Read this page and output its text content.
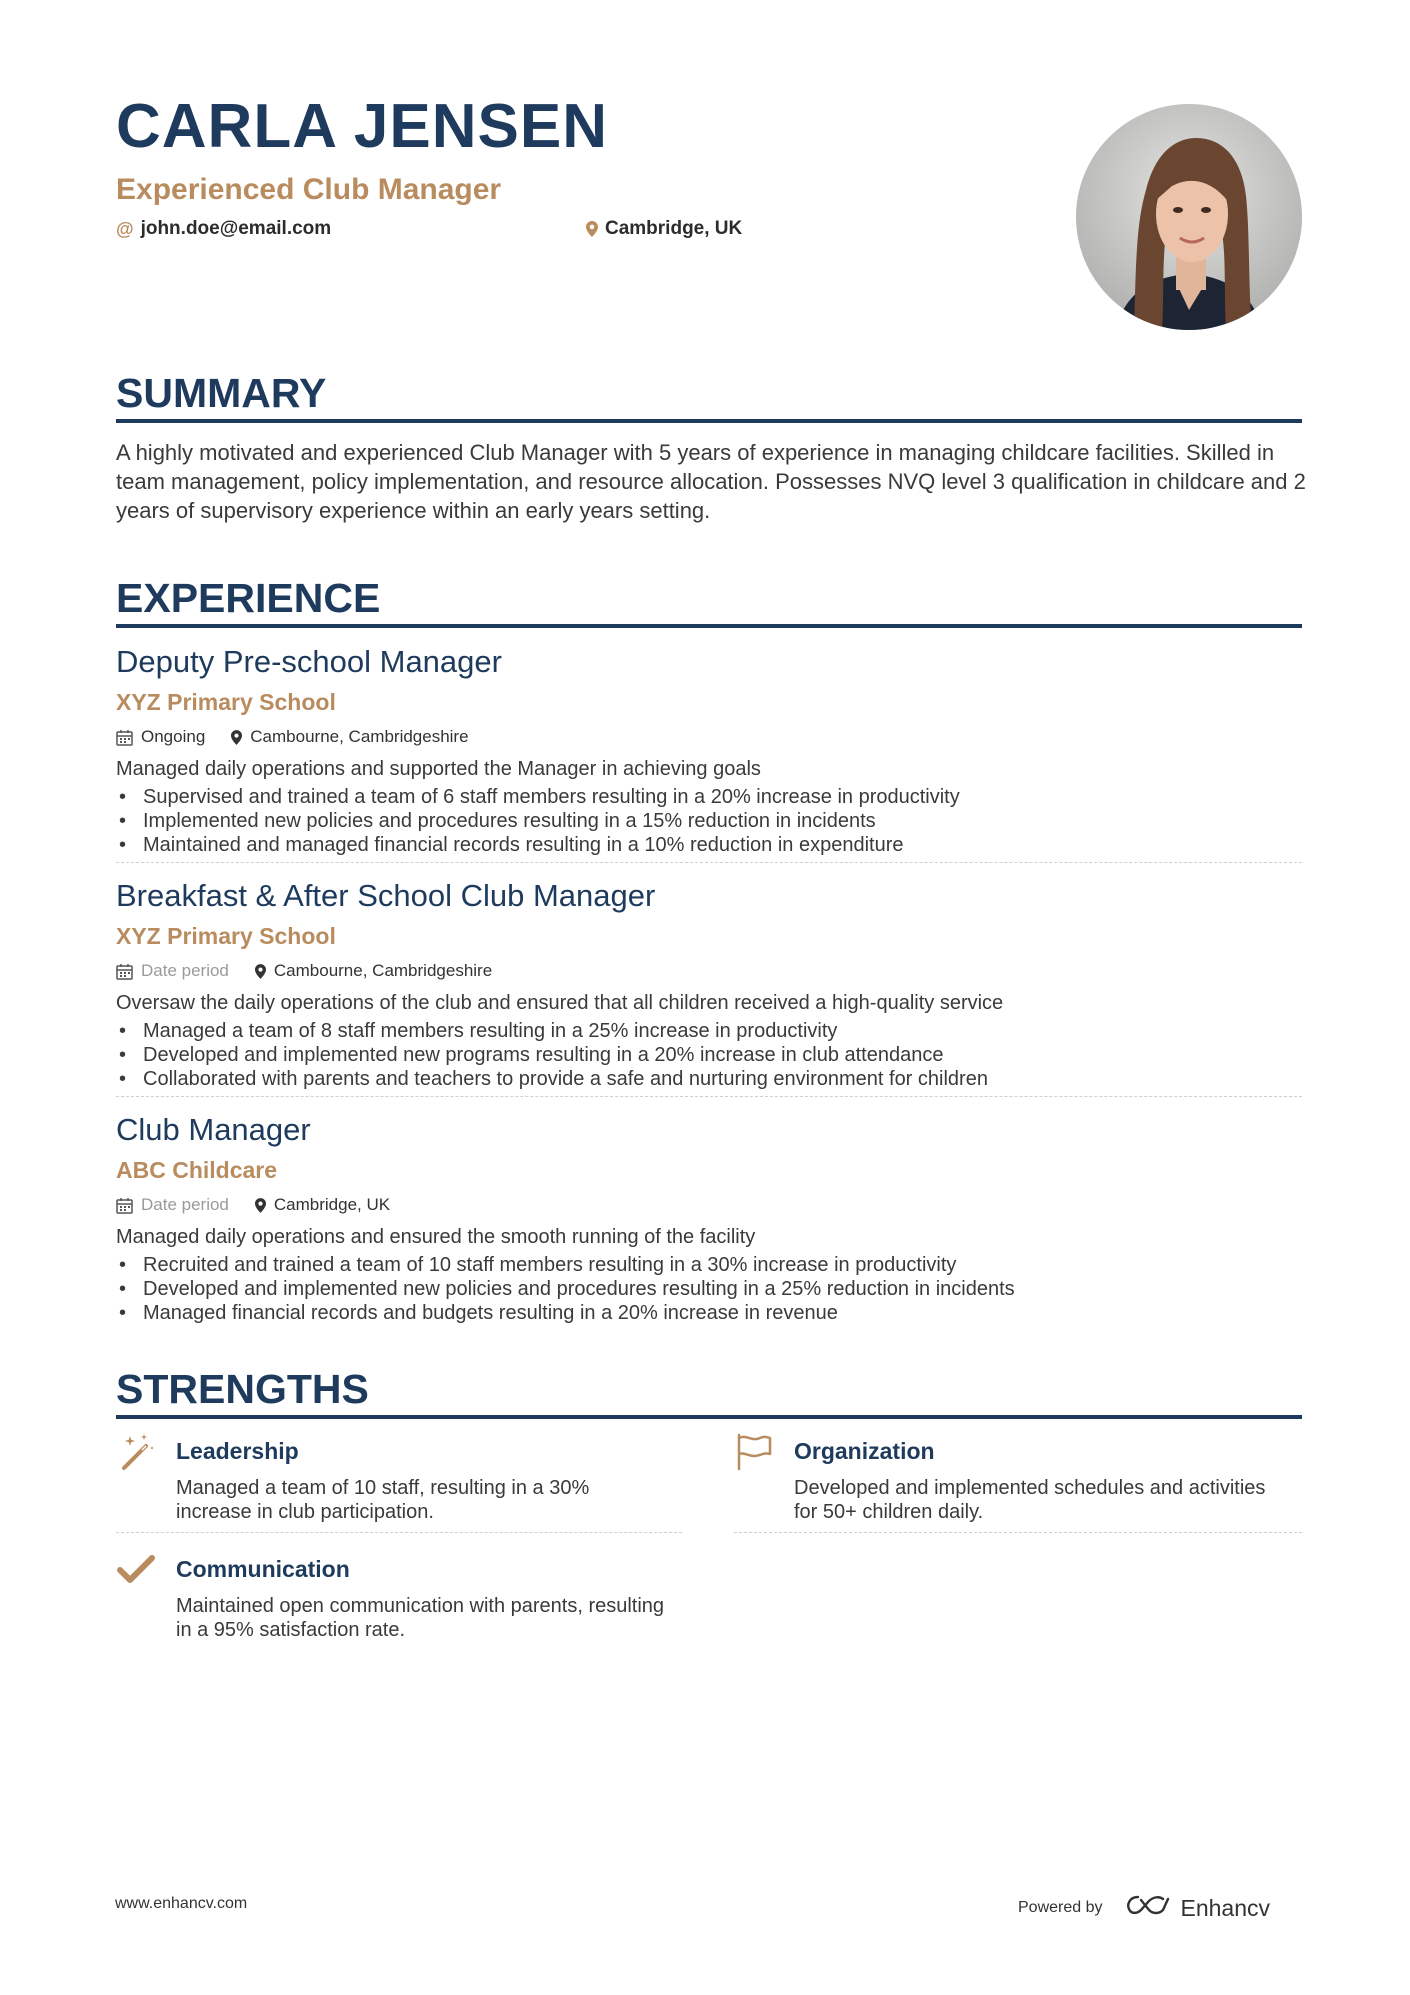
CARLA JENSEN
Experienced Club Manager
@ john.doe@email.com	Cambridge, UK
SUMMARY
A highly motivated and experienced Club Manager with 5 years of experience in managing childcare facilities. Skilled in team management, policy implementation, and resource allocation. Possesses NVQ level 3 qualification in childcare and 2 years of supervisory experience within an early years setting.
EXPERIENCE
Deputy Pre-school Manager
XYZ Primary School
Ongoing	Cambourne, Cambridgeshire
Managed daily operations and supported the Manager in achieving goals
• Supervised and trained a team of 6 staff members resulting in a 20% increase in productivity
• Implemented new policies and procedures resulting in a 15% reduction in incidents
• Maintained and managed financial records resulting in a 10% reduction in expenditure
Breakfast & After School Club Manager
XYZ Primary School
Date period	Cambourne, Cambridgeshire
Oversaw the daily operations of the club and ensured that all children received a high-quality service
• Managed a team of 8 staff members resulting in a 25% increase in productivity
• Developed and implemented new programs resulting in a 20% increase in club attendance
• Collaborated with parents and teachers to provide a safe and nurturing environment for children
Club Manager
ABC Childcare
Date period	Cambridge, UK
Managed daily operations and ensured the smooth running of the facility
• Recruited and trained a team of 10 staff members resulting in a 30% increase in productivity
• Developed and implemented new policies and procedures resulting in a 25% reduction in incidents
• Managed financial records and budgets resulting in a 20% increase in revenue
STRENGTHS
Leadership
Managed a team of 10 staff, resulting in a 30% increase in club participation.
Organization
Developed and implemented schedules and activities for 50+ children daily.
Communication
Maintained open communication with parents, resulting in a 95% satisfaction rate.
www.enhancv.com	Powered by	Enhancv
